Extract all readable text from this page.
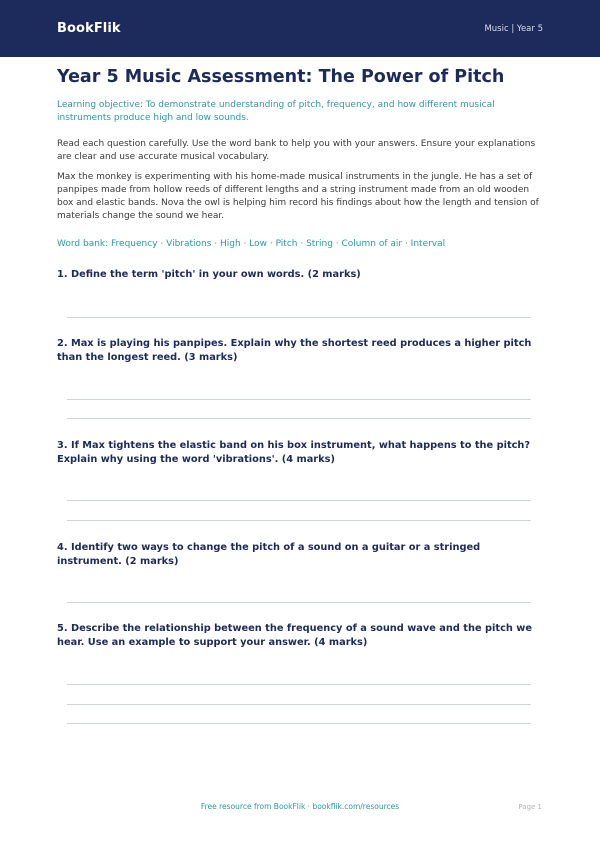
BookFlik	Music | Year 5
Year 5 Music Assessment: The Power of Pitch
Learning objective: To demonstrate understanding of pitch, frequency, and how different musical instruments produce high and low sounds.
Read each question carefully. Use the word bank to help you with your answers. Ensure your explanations are clear and use accurate musical vocabulary.
Max the monkey is experimenting with his home-made musical instruments in the jungle. He has a set of panpipes made from hollow reeds of different lengths and a string instrument made from an old wooden box and elastic bands. Nova the owl is helping him record his findings about how the length and tension of materials change the sound we hear.
Word bank: Frequency · Vibrations · High · Low · Pitch · String · Column of air · Interval
1. Define the term 'pitch' in your own words. (2 marks)
2. Max is playing his panpipes. Explain why the shortest reed produces a higher pitch than the longest reed. (3 marks)
3. If Max tightens the elastic band on his box instrument, what happens to the pitch? Explain why using the word 'vibrations'. (4 marks)
4. Identify two ways to change the pitch of a sound on a guitar or a stringed instrument. (2 marks)
5. Describe the relationship between the frequency of a sound wave and the pitch we hear. Use an example to support your answer. (4 marks)
Free resource from BookFlik · bookflik.com/resources	Page 1
